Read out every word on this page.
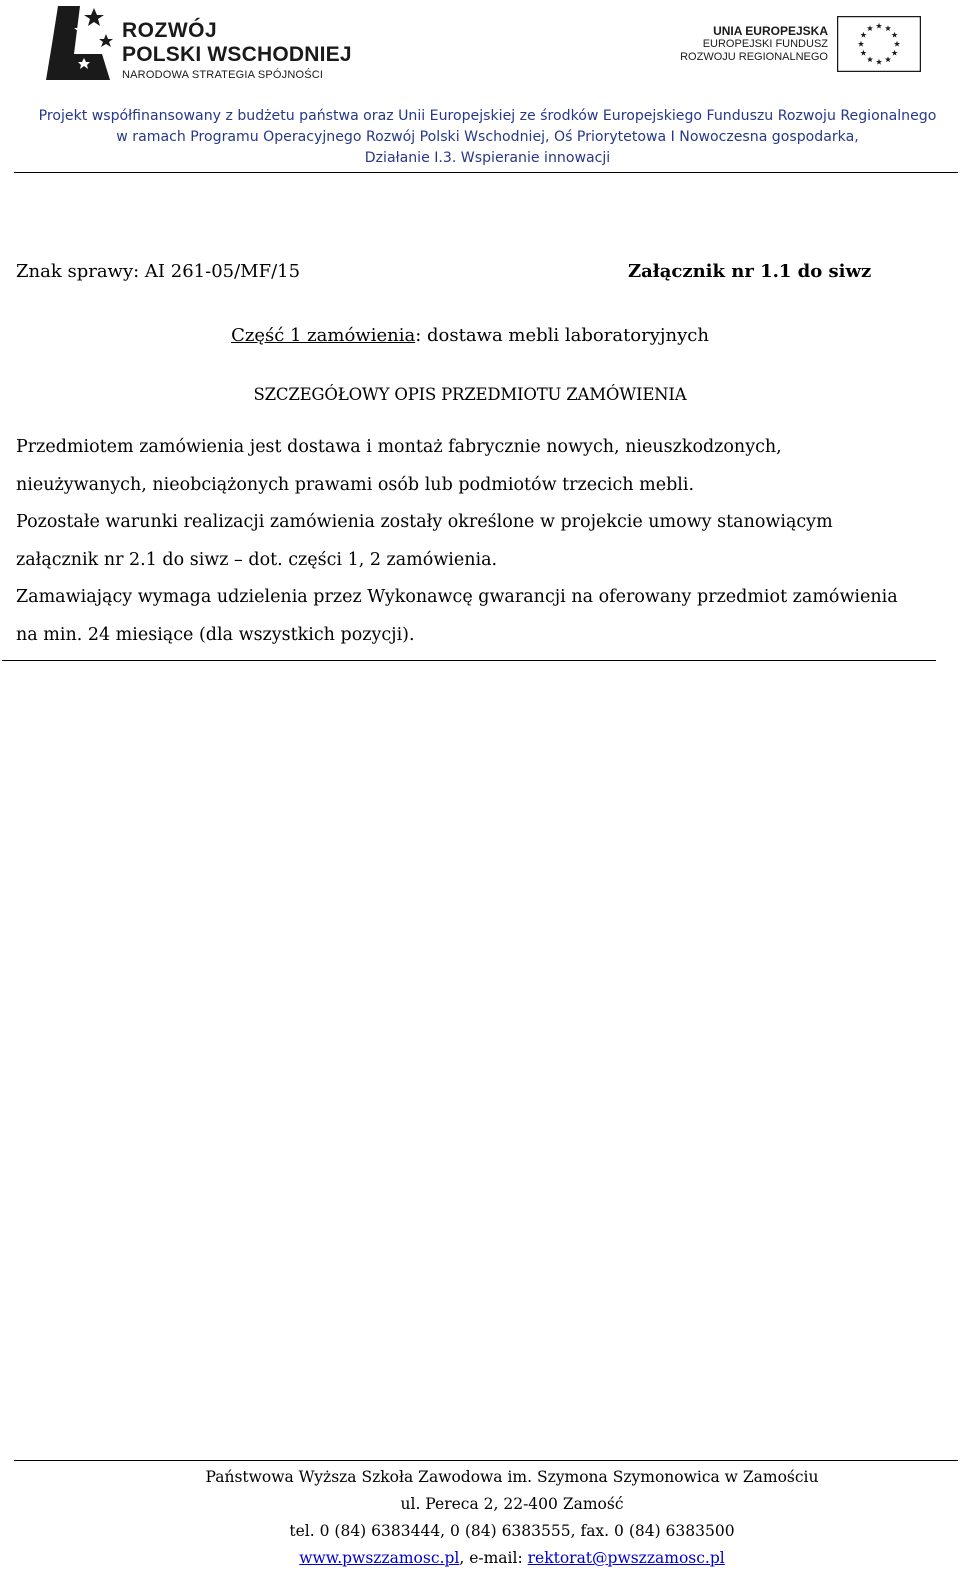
ROZWÓJ
POLSKI WSCHODNIEJ
NARODOWA STRATEGIA SPÓJNOŚCI
UNIA EUROPEJSKA
EUROPEJSKI FUNDUSZ
ROZWOJU REGIONALNEGO
Projekt współfinansowany z budżetu państwa oraz Unii Europejskiej ze środków Europejskiego Funduszu Rozwoju Regionalnego
w ramach Programu Operacyjnego Rozwój Polski Wschodniej, Oś Priorytetowa I Nowoczesna gospodarka,
Działanie I.3. Wspieranie innowacji
Znak sprawy: AI 261-05/MF/15	Załącznik nr 1.1 do siwz
Część 1 zamówienia: dostawa mebli laboratoryjnych
SZCZEGÓŁOWY OPIS PRZEDMIOTU ZAMÓWIENIA
Przedmiotem zamówienia jest dostawa i montaż fabrycznie nowych, nieuszkodzonych,
nieużywanych, nieobciążonych prawami osób lub podmiotów trzecich mebli.
Pozostałe warunki realizacji zamówienia zostały określone w projekcie umowy stanowiącym
załącznik nr 2.1 do siwz – dot. części 1, 2 zamówienia.
Zamawiający wymaga udzielenia przez Wykonawcę gwarancji na oferowany przedmiot zamówienia
na min. 24 miesiące (dla wszystkich pozycji).
Państwowa Wyższa Szkoła Zawodowa im. Szymona Szymonowica w Zamościu
ul. Pereca 2, 22-400 Zamość
tel. 0 (84) 6383444, 0 (84) 6383555, fax. 0 (84) 6383500
www.pwszzamosc.pl, e-mail: rektorat@pwszzamosc.pl
